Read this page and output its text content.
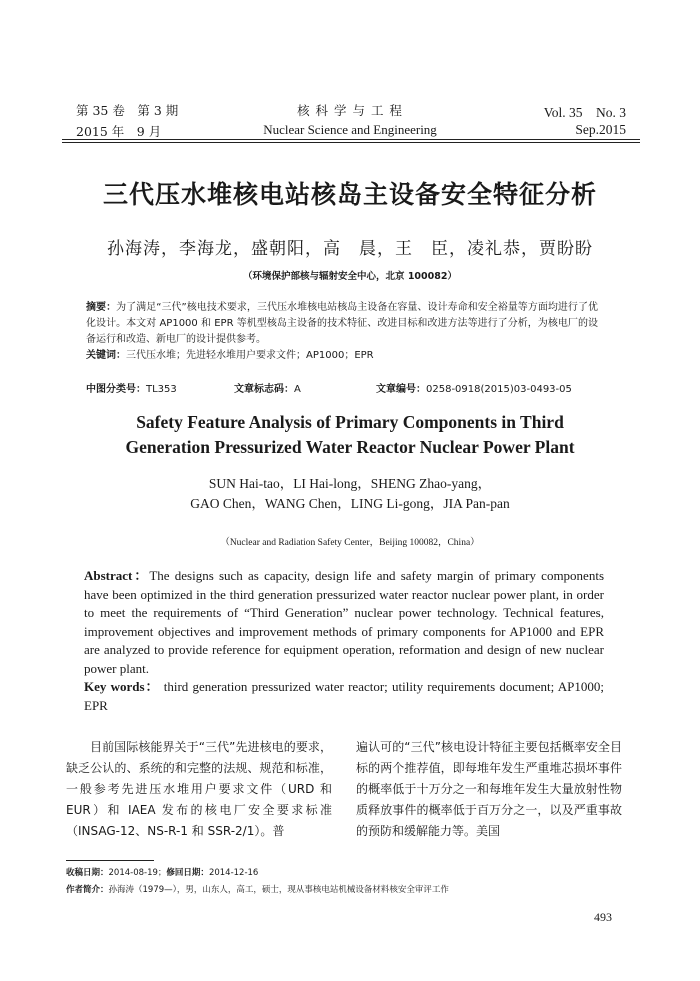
第 35 卷　第 3 期
2015 年　9 月
核 科 学 与 工 程
Nuclear Science and Engineering
Vol. 35　No. 3
Sep.2015
三代压水堆核电站核岛主设备安全特征分析
孙海涛，李海龙，盛朝阳，高　晨，王　臣，凌礼恭，贾盼盼
（环境保护部核与辐射安全中心，北京 100082）
摘要：为了满足“三代”核电技术要求，三代压水堆核电站核岛主设备在容量、设计寿命和安全裕量等方面均进行了优化设计。本文对 AP1000 和 EPR 等机型核岛主设备的技术特征、改进目标和改进方法等进行了分析，为核电厂的设备运行和改造、新电厂的设计提供参考。
关键词：三代压水堆；先进轻水堆用户要求文件；AP1000；EPR
中图分类号：TL353	文章标志码：A	文章编号：0258-0918(2015)03-0493-05
Safety Feature Analysis of Primary Components in Third
Generation Pressurized Water Reactor Nuclear Power Plant
SUN Hai-tao，LI Hai-long，SHENG Zhao-yang，
GAO Chen，WANG Chen，LING Li-gong，JIA Pan-pan
（Nuclear and Radiation Safety Center，Beijing 100082，China）
Abstract：The designs such as capacity, design life and safety margin of primary components have been optimized in the third generation pressurized water reactor nuclear power plant, in order to meet the requirements of “Third Generation” nuclear power technology. Technical features, improvement objectives and improvement methods of primary components for AP1000 and EPR are analyzed to provide reference for equipment operation, reformation and design of new nuclear power plant.
Key words： third generation pressurized water reactor; utility requirements document; AP1000; EPR
目前国际核能界关于“三代”先进核电的要求，缺乏公认的、系统的和完整的法规、规范和标准，一般参考先进压水堆用户要求文件（URD 和 EUR）和 IAEA 发布的核电厂安全要求标准（INSAG-12、NS-R-1 和 SSR-2/1）。普
遍认可的“三代”核电设计特征主要包括概率安全目标的两个推荐值，即每堆年发生严重堆芯损坏事件的概率低于十万分之一和每堆年发生大量放射性物质释放事件的概率低于百万分之一，以及严重事故的预防和缓解能力等。美国
收稿日期：2014-08-19；修回日期：2014-12-16
作者简介：孙海涛（1979—），男，山东人，高工，硕士，现从事核电站机械设备材料核安全审评工作
493
